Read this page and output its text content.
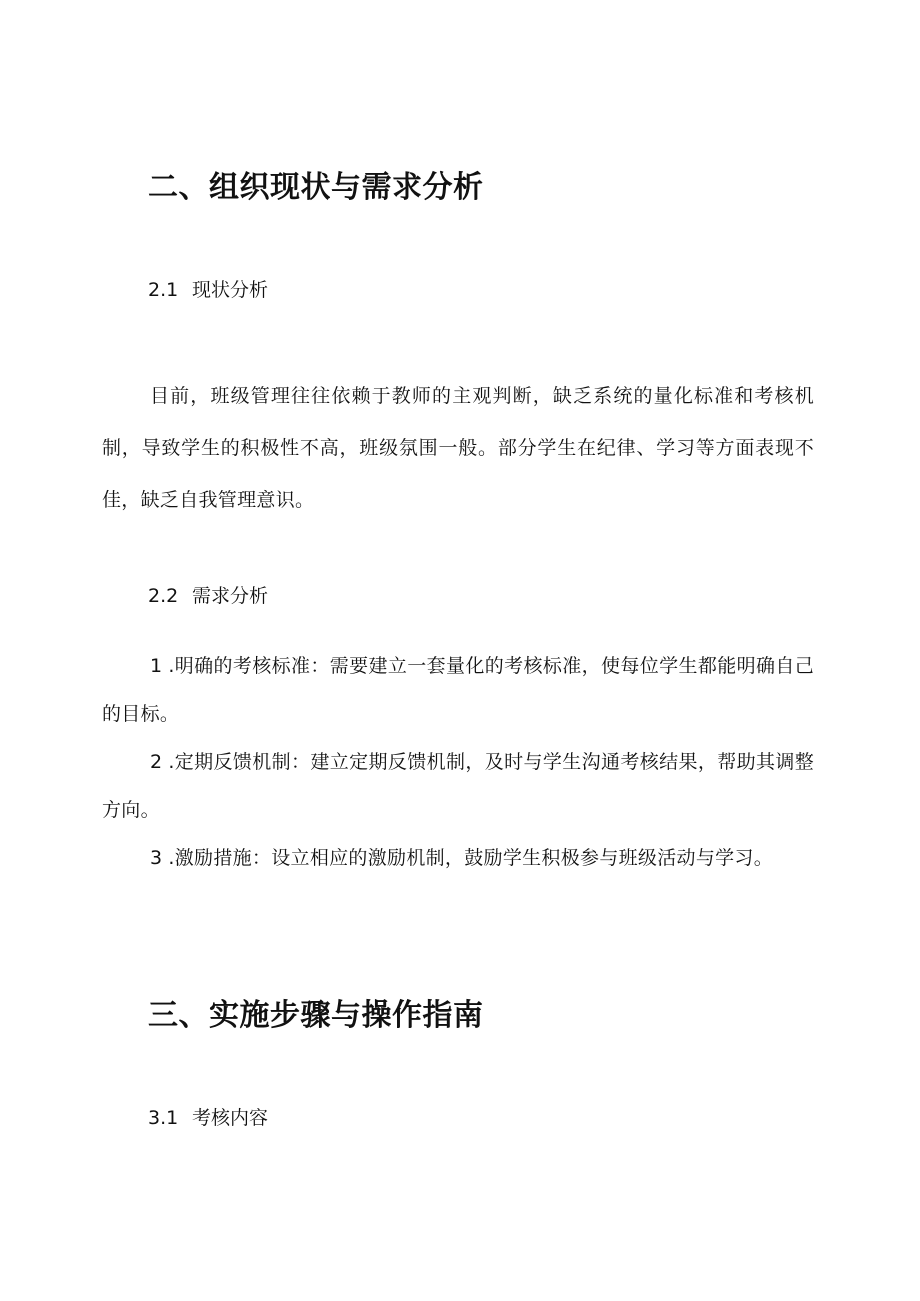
二、组织现状与需求分析
2.1 现状分析
目前，班级管理往往依赖于教师的主观判断，缺乏系统的量化标准和考核机制，导致学生的积极性不高，班级氛围一般。部分学生在纪律、学习等方面表现不佳，缺乏自我管理意识。
2.2 需求分析
1 .明确的考核标准：需要建立一套量化的考核标准，使每位学生都能明确自己的目标。
2 .定期反馈机制：建立定期反馈机制，及时与学生沟通考核结果，帮助其调整方向。
3 .激励措施：设立相应的激励机制，鼓励学生积极参与班级活动与学习。
三、实施步骤与操作指南
3.1 考核内容
